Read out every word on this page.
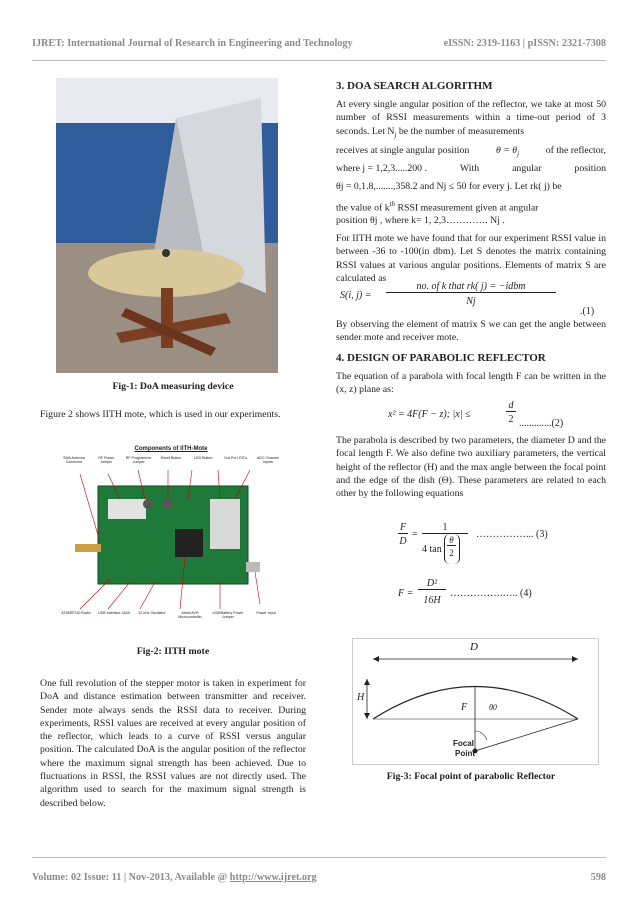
IJRET: International Journal of Research in Engineering and Technology	eISSN: 2319-1163 | pISSN: 2321-7308
Fig-1: DoA measuring device

Figure 2 shows IITH mote, which is used in our experiments.

Components of IITH-Mote
SMA Antenna Connector
RF Power Jumper
RF Programmer Jumper
Reset Button	LED Button	Dot Pot LED's	ADC Channel Inputs
AT86RF230 Radio	USB Interface JAVA	32 kHz Oscillator	Atmel AVR Microcontroller
USB/Battery Power Jumper
Power Input
Fig-2: IITH mote

One full revolution of the stepper motor is taken in experiment for DoA and distance estimation between transmitter and receiver. Sender mote always sends the RSSI data to receiver. During experiments, RSSI values are received at every angular position of the reflector, which leads to a curve of RSSI versus angular position. The calculated DoA is the angular position of the reflector where the maximum signal strength has been achieved. Due to fluctuations in RSSI, the RSSI values are not directly used. The algorithm used to search for the maximum signal strength is described below.

3. DOA SEARCH ALGORITHM

At every single angular position of the reflector, we take at most 50 number of RSSI measurements within a time-out period of 3 seconds. Let $N_j$ be the number of measurements

receives at single angular position	$\theta = \theta_j$	of the reflector,
where j = 1,2,3.....200 .	With	angular	position

θj = 0,1.8,.......,358.2 and Nj ≤ 50 for every j. Let rk( j) be

the value of $k^{th}$ RSSI measurement given at angular

position θj , where k= 1, 2,3…………. Nj .

For IITH mote we have found that for our experiment RSSI value in between -36 to -100(in dbm). Let S denotes the matrix containing RSSI values at various angular positions. Elements of matrix S are calculated as

S(i, j) =
no. of k that rk( j) = −idbm
Nj
.(1)

By observing the element of matrix S we can get the angle between sender mote and receiver mote.

4. DESIGN OF PARABOLIC REFLECTOR

The equation of a parabola with focal length F can be written in the (x, z) plane as:

x² = 4F(F − z); |x| ≤
d
2 .............(2)

The parabola is described by two parameters, the diameter D and the focal length F. We also define two auxiliary parameters, the vertical height of the reflector (H) and the max angle between the focal point and the edge of the dish (Θ). These parameters are related to each other by the following equations

F
D
=
1
4 tan
θ
2
……………... (3)
F =
D²
16H
…………….….. (4)
D
H
F	θ0
Focal
Point
Fig-3: Focal point of parabolic Reflector
Volume: 02 Issue: 11 | Nov-2013, Available @ http://www.ijret.org	598
